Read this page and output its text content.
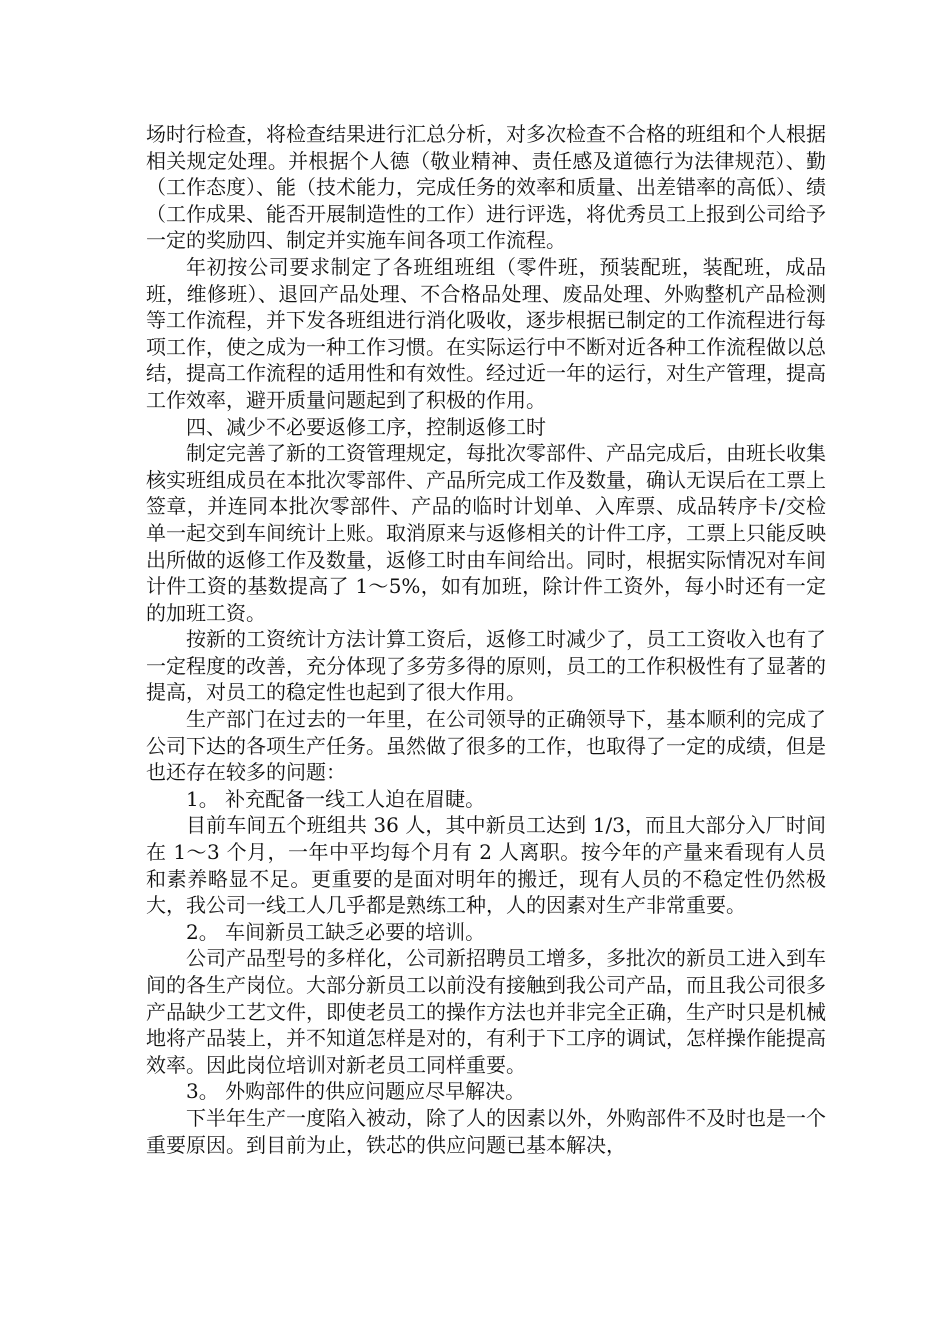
场时行检查，将检查结果进行汇总分析，对多次检查不合格的班组和个人根据相关规定处理。并根据个人德（敬业精神、责任感及道德行为法律规范）、勤（工作态度）、能（技术能力，完成任务的效率和质量、出差错率的高低）、绩（工作成果、能否开展制造性的工作）进行评选，将优秀员工上报到公司给予一定的奖励四、制定并实施车间各项工作流程。

年初按公司要求制定了各班组班组（零件班，预装配班，装配班，成品班，维修班）、退回产品处理、不合格品处理、废品处理、外购整机产品检测等工作流程，并下发各班组进行消化吸收，逐步根据已制定的工作流程进行每项工作，使之成为一种工作习惯。在实际运行中不断对近各种工作流程做以总结，提高工作流程的适用性和有效性。经过近一年的运行，对生产管理，提高工作效率，避开质量问题起到了积极的作用。

四、减少不必要返修工序，控制返修工时

制定完善了新的工资管理规定，每批次零部件、产品完成后，由班长收集核实班组成员在本批次零部件、产品所完成工作及数量，确认无误后在工票上签章，并连同本批次零部件、产品的临时计划单、入库票、成品转序卡/交检单一起交到车间统计上账。取消原来与返修相关的计件工序，工票上只能反映出所做的返修工作及数量，返修工时由车间给出。同时，根据实际情况对车间计件工资的基数提高了 1～5%，如有加班，除计件工资外，每小时还有一定的加班工资。

按新的工资统计方法计算工资后，返修工时减少了，员工工资收入也有了一定程度的改善，充分体现了多劳多得的原则，员工的工作积极性有了显著的提高，对员工的稳定性也起到了很大作用。

生产部门在过去的一年里，在公司领导的正确领导下，基本顺利的完成了公司下达的各项生产任务。虽然做了很多的工作，也取得了一定的成绩，但是也还存在较多的问题：

1。 补充配备一线工人迫在眉睫。

目前车间五个班组共 36 人，其中新员工达到 1/3，而且大部分入厂时间在 1～3 个月，一年中平均每个月有 2 人离职。按今年的产量来看现有人员和素养略显不足。更重要的是面对明年的搬迁，现有人员的不稳定性仍然极大，我公司一线工人几乎都是熟练工种，人的因素对生产非常重要。

2。 车间新员工缺乏必要的培训。

公司产品型号的多样化，公司新招聘员工增多，多批次的新员工进入到车间的各生产岗位。大部分新员工以前没有接触到我公司产品，而且我公司很多产品缺少工艺文件，即使老员工的操作方法也并非完全正确，生产时只是机械地将产品装上，并不知道怎样是对的，有利于下工序的调试，怎样操作能提高效率。因此岗位培训对新老员工同样重要。

3。 外购部件的供应问题应尽早解决。

下半年生产一度陷入被动，除了人的因素以外，外购部件不及时也是一个重要原因。到目前为止，铁芯的供应问题已基本解决，
